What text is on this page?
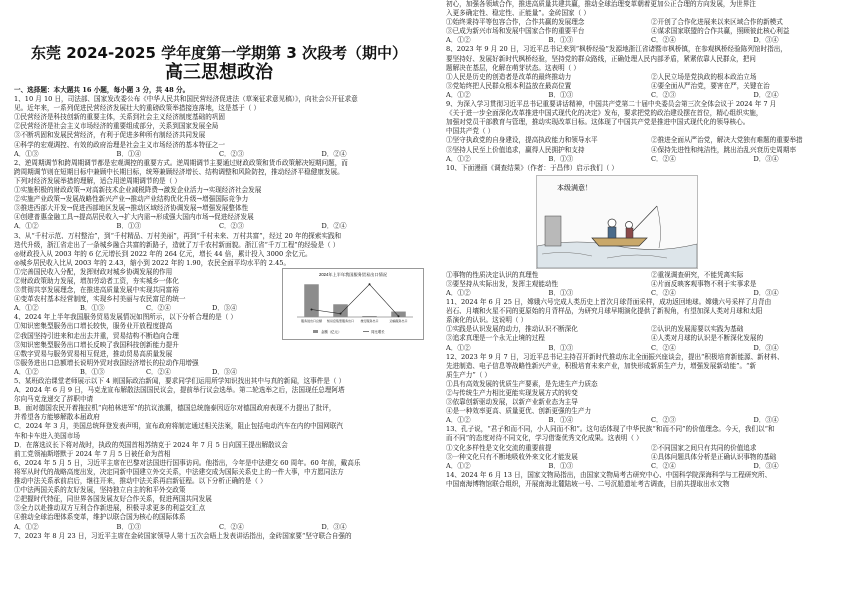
东莞 2024-2025 学年度第一学期第 3 次段考（期中）

高三思想政治

一、选择题：本大题共 16 小题，每小题 3 分，共 48 分。

1、10 月 10 日，司法部、国家发改委公布《中华人民共和国民营经济促进法（草案征求意见稿）》，向社会公开征求意

见。近年来，一系列促进民营经济发展壮大的重磅政策举措接连落地，这是基于（ ）

①民营经济是科技创新的重要主体，关系到社会主义经济制度基础的巩固

②民营经济是社会主义市场经济的重要组成部分，关系到国家发展全局

③不断巩固和发展民营经济，有利于促进多种所有制经济共同发展

④科学的宏观调控、有效的政府治理是社会主义市场经济的基本特征之一

A．①③	B．①④	C．②③	D．②④

2、逆周期调节和跨周期调节都是宏观调控的重要方式。逆周期调节主要通过财政政策和货币政策解决短期问题，而

跨周期调节则在短期目标中兼顾中长期目标，统筹兼顾经济增长、结构调整和风险防控，推动经济平稳健康发展。

下列对经济发展举措的理解，适合用逆周期调节的是（ ）

①实施积极的财政政策→对高新技术企业减税降费→激发企业活力→实现经济社会发展

②实施产业政策→发展战略性新兴产业→推动产业结构优化升级→增强国际竞争力

③推进西部大开发→促进西部地区发展→推动区域经济协调发展→增强发展整体性

④创建普惠金融工具→提高居民收入→扩大内需→形成强大国内市场→促进经济发展

A．①②	B．①③	C．②③	D．②④

3、从“千村示范、万村整治”，到“千村精品、万村美丽”，再到“千村未来、万村共富”，经过 20 年的探索实践和

迭代升级，浙江省走出了一条城乡融合共富的新路子，造就了万千农村新面貌。浙江省“千万工程”的经验是（ ）

◎财政投入从 2003 年的 6 亿元增长到 2022 年的 264 亿元，增长 44 倍，累计投入 3000 余亿元。

◎城乡居民收入比从 2003 年的 2.43，缩小到 2022 年的 1.90，农民全面平均水平的 2.45。

①完善国民收入分配，发挥财政对城乡协调发展的作用

②财政政策助力发展，增加劳动者工资，夯实城乡一体化

③贯彻共享发展理念，在推进高质量发展中实现共同富裕

④变革农村基本经营制度，实现乡村美丽与农民富足的统一

A．①②	B．①③	C．②④	D．③④

4、2024 年上半年我国服务贸易发展情况如图所示，以下分析合理的是（ ）

①知识密集型服务出口增长较快，服务业开放程度提高

②我国坚持引进来和走出去并重，贸易结构不断趋向合理

③知识密集型服务出口增长反映了我国科技创新能力提升

④数字贸易与服务贸易相互促进，推动贸易高质量发展

⑤服务进出口总额增长说明外贸对我国经济增长的拉动作用增强

A．①②	B．①③	C．②④	D．③④
2024年上半年我国服务贸易出口情况
服务进出口总额	知识密集型服务出口 旅行服务出口	运输服务出口
金额（亿元）	同比增长

5、某班政治课堂老师展示以下 4 则国际政治新闻，要求同学们运用所学知识找出其中与真的新闻，这事件是（ ）

A．2024 年 6 月 9 日，马克龙宣布解散法国国民议会，提前举行议会选举。第二轮选举之后，法国现任总理阿塔

尔向马克龙递交了辞职申请

B．面对德国农民开着拖拉机“向柏林进军”的抗议浪潮，德国总统施泰因迈尔对德国政府表现不力提出了批评，

并希望各方能够解散本届政府

C．2024 年 3 月，美国总统拜登发表声明，宣布政府将制定通过相关法案，阻止包括电动汽车在内的中国网联汽

车和卡车进入美国市场

D．在落选议长下将对战时，执政的英国首相苏纳克于 2024 年 7 月 5 日向国王提出解散议会

前工党领袖斯塔默于 2024 年 7 月 5 日被任命为首相

6、2024 年 5 月 5 日，习近平主席在巴黎对法国进行国事访问。他指出，今年是中法建交 60 周年。60 年前，戴高乐

将军从时代的战略高度出发，决定同新中国建立外交关系，中法建交成为国际关系史上的一件大事，中方愿同法方

推动中法关系承前启后，继往开来，推动中法关系再启新征程。以下分析正确的是（ ）

①中法两国关系的友好发展，坚持独立自主的和平外交政策

②把握时代特征，同世界各国发展友好合作关系，促进两国共同发展

③全力以赴推动双方互利合作新进展，积极寻求更多的利益交汇点

④推动全球治理体系变革，维护以联合国为核心的国际体系

A．①②	B．①③	C．②④	D．③④

7、2023 年 8 月 23 日，习近平主席在金砖国家领导人第十五次会晤上发表讲话指出，金砖国家要“坚守联合自强的

初心，加强各领域合作，推进高质量共建共赢，推动全球治理变革朝着更加公正合理的方向发展，为世界注

入更多确定性、稳定性、正能量”。金砖国家（ ）

①始终秉持平等包容合作，合作共赢的发展理念	②开创了合作化进展来以来区域合作的新模式
③已成为新兴市场和发展中国家合作的重要平台	④谋求国家联盟的合作共赢，照顾彼此核心利益
A．①②	B．①③	C．②④	D．③④

8、2023 年 9 月 20 日，习近平总书记来到“枫桥经验”发源地浙江省诸暨市枫桥镇，在参观枫桥经验陈列馆时指出，

要坚持好、发展好新时代枫桥经验，坚持党的群众路线，正确处理人民内部矛盾，紧紧依靠人民群众，把问

题解决在基层，化解在萌芽状态。这表明（ ）

①人民是历史的创造者是改革的最终推动力	②人民立场是党执政的根本政治立场
③党始终把人民群众根本利益放在最高位置	④要全面从严治党，要害在严，关键在治
A．①②	B．①③	C．②③	D．②④

9、为深入学习贯彻习近平总书记重要讲话精神，中国共产党第二十届中央委员会第三次全体会议于 2024 年 7 月

《关于进一步全面深化改革推进中国式现代化的决定》发布，要求把党的政治建设摆在首位，精心组织实施，

加强对党员干部教育与管理，推动实现改革目标。这体现了中国共产党是推进中国式现代化的领导核心。

中国共产党（ ）

①坚守执政党的自身建设，提高执政能力和领导水平	②推进全面从严治党，解决大党独有难题的重要举措
③坚持人民至上价值追求，赢得人民拥护和支持	④保持先进性和纯洁性，跳出治乱兴衰历史周期率
A．①②	B．①③	C．②④	D．③④

10、下面漫画《调查结果》（作者：于昌伟）启示我们（ ）

本级满意！
①事物的性质决定认识的真理性	②重视调查研究，不能凭离实际
③要坚持从实际出发，发挥主观能动性	④片面反映客观事物不利于实事求是
A．①②	B．①③	C．②④	D．③④

11、2024 年 6 月 25 日，嫦娥六号完成人类历史上首次月球背面采样，成功返回地球。嫦娥六号采样了月背由

岩石、月壤和火星不同的更原始的月背样品，为研究月球早期演化提供了新视角，有望加深人类对月球和太阳

系演化的认识。这说明（ ）

①实践是认识发展的动力，推动认识不断深化	②认识的发展需要以实践为基础
③追求真理是一个永无止境的过程	④人类对月球的认识是不断深化发展的
A．①②	B．①③	C．②④	D．③④

12、2023 年 9 月 7 日，习近平总书记主持召开新时代推动东北全面振兴座谈会，提出“积极培育新能源、新材料、

先进制造、电子信息等战略性新兴产业，积极培育未来产业，加快形成新质生产力，增强发展新动能”。“新

质生产力”（ ）

①具有高效发展的优质生产要素，是先进生产力质态

②与传统生产力相比更能实现发展方式的转变

③依靠创新驱动发展，以新产业新业态为主导

④是一种效率更高、质量更优、创新更强的生产力

A．①②	B．①④	C．②③	D．③④

13、孔子说，“君子和而不同，小人同而不和”。这句话体现了中华民族“和而不同”的价值理念。今天，我们以“和

而不同”的态度对待不同文化，学习借鉴优秀文化成果。这表明（ ）

①文化多样性是文化交流的重要前提	②不同国家之间只有共同的价值追求
③一种文化只有不断地吸收外来文化才能发展	④具体问题具体分析是正确认识事物的基础
A．①②	B．①③	C．②④	D．③④

14、2024 年 6 月 13 日，国家文物局指出，由国家文物局考古研究中心、中国科学院深海科学与工程研究所、

中国南海博物馆联合组织，开展南海北麓陆坡一号、二号沉船遗址考古调查，目前共提取出水文物
